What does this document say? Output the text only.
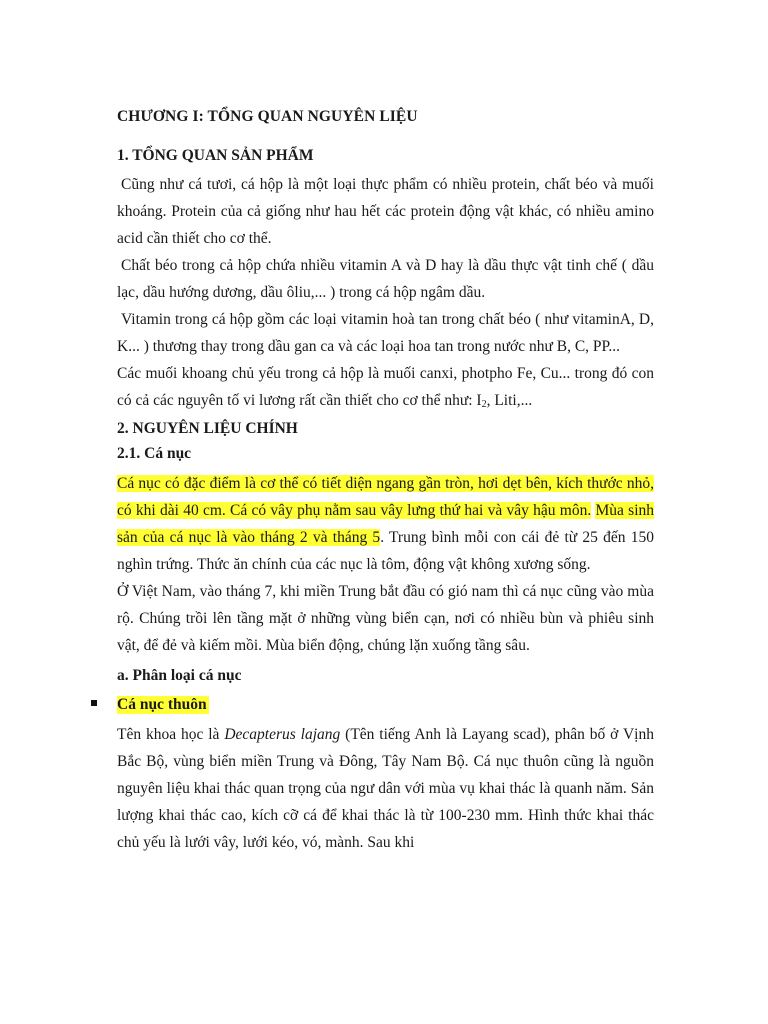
CHƯƠNG I: TỔNG QUAN NGUYÊN LIỆU
1. TỔNG QUAN SẢN PHẨM

Cũng như cá tươi, cá hộp là một loại thực phẩm có nhiều protein, chất béo và muối khoáng. Protein của cả giống như hau hết các protein động vật khác, có nhiều amino acid cần thiết cho cơ thể.

Chất béo trong cả hộp chứa nhiều vitamin A và D hay là dầu thực vật tinh chế ( dầu lạc, dầu hướng dương, dầu ôliu,... ) trong cá hộp ngâm dầu.

Vitamin trong cá hộp gồm các loại vitamin hoà tan trong chất béo ( như vitaminA, D, K... ) thương thay trong dầu gan ca và các loại hoa tan trong nước như B, C, PP...

Các muối khoang chủ yếu trong cả hộp là muối canxi, photpho Fe, Cu... trong đó con có cả các nguyên tố vi lương rất cần thiết cho cơ thể như: $I_2$, Liti,...

2. NGUYÊN LIỆU CHÍNH
2.1. Cá nục

Cá nục có đặc điểm là cơ thể có tiết diện ngang gần tròn, hơi dẹt bên, kích thước nhỏ, có khi dài 40 cm. Cá có vây phụ nằm sau vây lưng thứ hai và vây hậu môn. Mùa sinh sản của cá nục là vào tháng 2 và tháng 5. Trung bình mỗi con cái đẻ từ 25 đến 150 nghìn trứng. Thức ăn chính của các nục là tôm, động vật không xương sống.

Ở Việt Nam, vào tháng 7, khi miền Trung bắt đầu có gió nam thì cá nục cũng vào mùa rộ. Chúng trồi lên tầng mặt ở những vùng biển cạn, nơi có nhiều bùn và phiêu sinh vật, để đẻ và kiếm mồi. Mùa biển động, chúng lặn xuống tầng sâu.

a. Phân loại cá nục
Cá nục thuôn

Tên khoa học là Decapterus lajang (Tên tiếng Anh là Layang scad), phân bố ở Vịnh Bắc Bộ, vùng biển miền Trung và Đông, Tây Nam Bộ. Cá nục thuôn cũng là nguồn nguyên liệu khai thác quan trọng của ngư dân với mùa vụ khai thác là quanh năm. Sản lượng khai thác cao, kích cỡ cá để khai thác là từ 100-230 mm. Hình thức khai thác chủ yếu là lưới vây, lưới kéo, vó, mành. Sau khi
